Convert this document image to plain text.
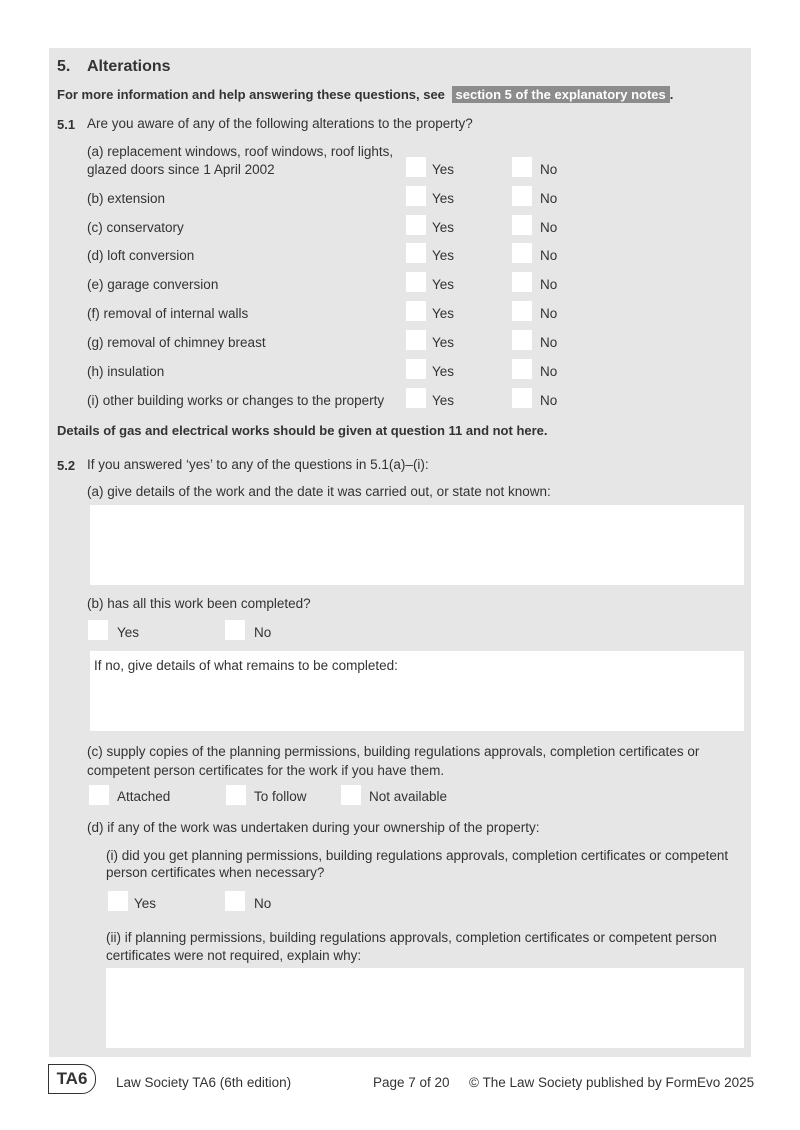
5. Alterations
For more information and help answering these questions, see section 5 of the explanatory notes .
5.1 Are you aware of any of the following alterations to the property?
(a) replacement windows, roof windows, roof lights,
glazed doors since 1 April 2002	Yes	No
(b) extension	Yes	No
(c) conservatory	Yes	No
(d) loft conversion	Yes	No
(e) garage conversion	Yes	No
(f) removal of internal walls	Yes	No
(g) removal of chimney breast	Yes	No
(h) insulation	Yes	No
(i) other building works or changes to the property	Yes	No
Details of gas and electrical works should be given at question 11 and not here.
5.2 If you answered ‘yes’ to any of the questions in 5.1(a)–(i):
(a) give details of the work and the date it was carried out, or state not known:
(b) has all this work been completed?
Yes	No
If no, give details of what remains to be completed:
(c) supply copies of the planning permissions, building regulations approvals, completion certificates or
competent person certificates for the work if you have them.
Attached	To follow	Not available
(d) if any of the work was undertaken during your ownership of the property:
(i) did you get planning permissions, building regulations approvals, completion certificates or competent
person certificates when necessary?
Yes	No
(ii) if planning permissions, building regulations approvals, completion certificates or competent person
certificates were not required, explain why:
TA6	Law Society TA6 (6th edition)	Page 7 of 20 © The Law Society published by FormEvo 2025
